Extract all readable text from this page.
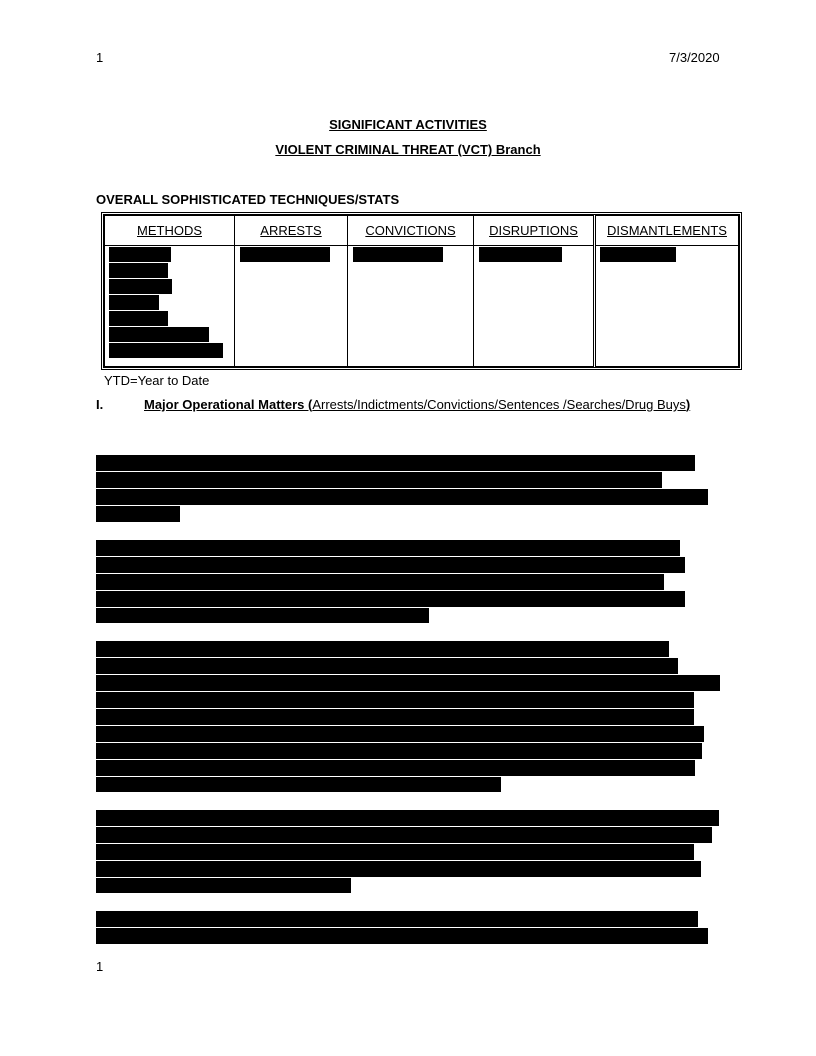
1	7/3/2020
SIGNIFICANT ACTIVITIES
VIOLENT CRIMINAL THREAT (VCT) Branch
OVERALL SOPHISTICATED TECHNIQUES/STATS
METHODS	ARRESTS	CONVICTIONS	DISRUPTIONS	DISMANTLEMENTS

YTD=Year to Date
I.	Major Operational Matters (Arrests/Indictments/Convictions/Sentences /Searches/Drug Buys)
1
